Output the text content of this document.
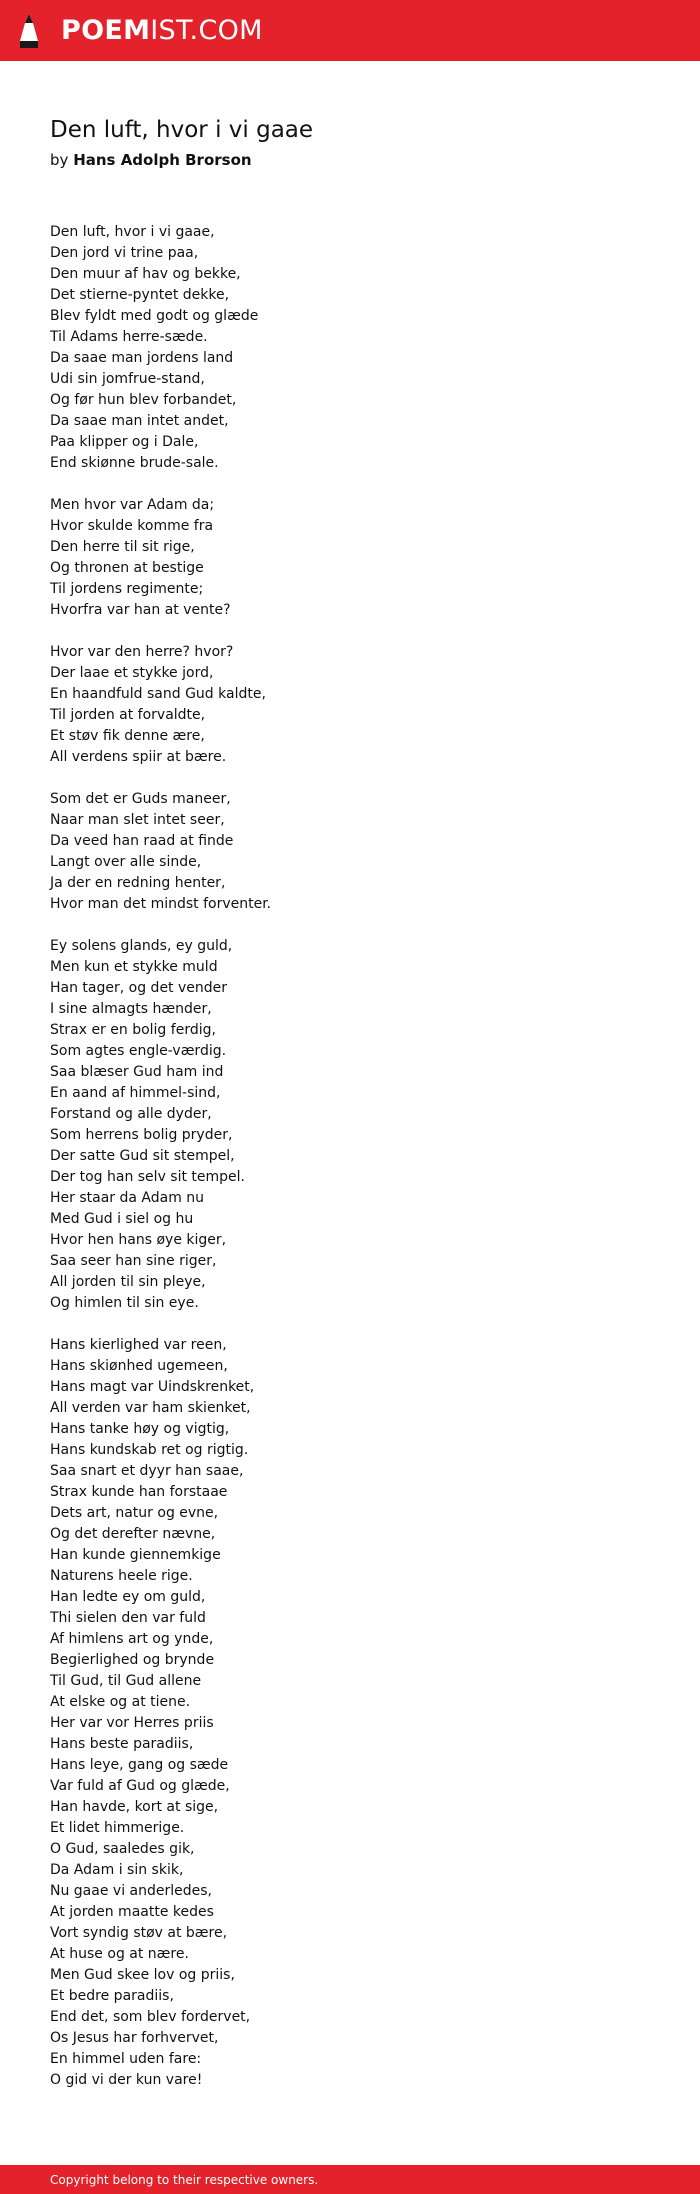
POEMIST.COM
Den luft, hvor i vi gaae
by Hans Adolph Brorson
Den luft, hvor i vi gaae,
Den jord vi trine paa,
Den muur af hav og bekke,
Det stierne-pyntet dekke,
Blev fyldt med godt og glæde
Til Adams herre-sæde.
Da saae man jordens land
Udi sin jomfrue-stand,
Og før hun blev forbandet,
Da saae man intet andet,
Paa klipper og i Dale,
End skiønne brude-sale.
Men hvor var Adam da;
Hvor skulde komme fra
Den herre til sit rige,
Og thronen at bestige
Til jordens regimente;
Hvorfra var han at vente?
Hvor var den herre? hvor?
Der laae et stykke jord,
En haandfuld sand Gud kaldte,
Til jorden at forvaldte,
Et støv fik denne ære,
All verdens spiir at bære.
Som det er Guds maneer,
Naar man slet intet seer,
Da veed han raad at finde
Langt over alle sinde,
Ja der en redning henter,
Hvor man det mindst forventer.
Ey solens glands, ey guld,
Men kun et stykke muld
Han tager, og det vender
I sine almagts hænder,
Strax er en bolig ferdig,
Som agtes engle-værdig.
Saa blæser Gud ham ind
En aand af himmel-sind,
Forstand og alle dyder,
Som herrens bolig pryder,
Der satte Gud sit stempel,
Der tog han selv sit tempel.
Her staar da Adam nu
Med Gud i siel og hu
Hvor hen hans øye kiger,
Saa seer han sine riger,
All jorden til sin pleye,
Og himlen til sin eye.
Hans kierlighed var reen,
Hans skiønhed ugemeen,
Hans magt var Uindskrenket,
All verden var ham skienket,
Hans tanke høy og vigtig,
Hans kundskab ret og rigtig.
Saa snart et dyyr han saae,
Strax kunde han forstaae
Dets art, natur og evne,
Og det derefter nævne,
Han kunde giennemkige
Naturens heele rige.
Han ledte ey om guld,
Thi sielen den var fuld
Af himlens art og ynde,
Begierlighed og brynde
Til Gud, til Gud allene
At elske og at tiene.
Her var vor Herres priis
Hans beste paradiis,
Hans leye, gang og sæde
Var fuld af Gud og glæde,
Han havde, kort at sige,
Et lidet himmerige.
O Gud, saaledes gik,
Da Adam i sin skik,
Nu gaae vi anderledes,
At jorden maatte kedes
Vort syndig støv at bære,
At huse og at nære.
Men Gud skee lov og priis,
Et bedre paradiis,
End det, som blev fordervet,
Os Jesus har forhvervet,
En himmel uden fare:
O gid vi der kun vare!
Copyright belong to their respective owners.
